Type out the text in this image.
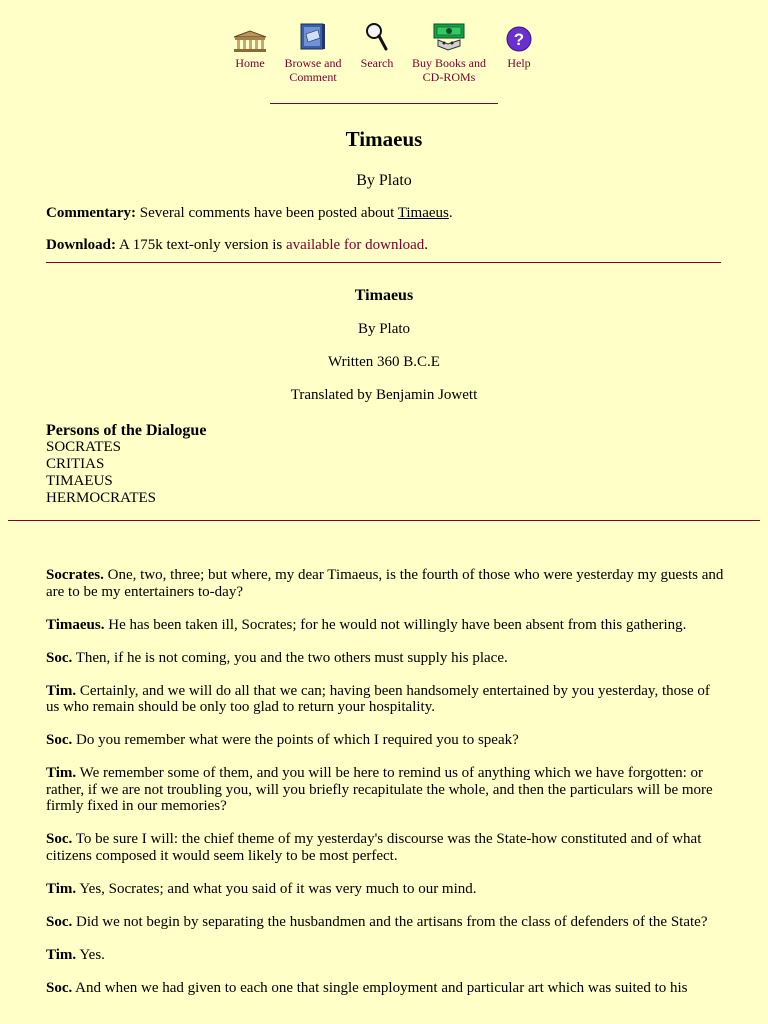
Home Browse and
Comment
Search Buy Books and
CD-ROMs
?
Help
Timaeus
By Plato
Commentary: Several comments have been posted about Timaeus.
Download: A 175k text-only version is available for download.
Timaeus
By Plato
Written 360 B.C.E
Translated by Benjamin Jowett
Persons of the Dialogue
SOCRATES
CRITIAS
TIMAEUS
HERMOCRATES

Socrates. One, two, three; but where, my dear Timaeus, is the fourth of those who were yesterday my guests and are to be my entertainers to-day?

Timaeus. He has been taken ill, Socrates; for he would not willingly have been absent from this gathering.

Soc. Then, if he is not coming, you and the two others must supply his place.

Tim. Certainly, and we will do all that we can; having been handsomely entertained by you yesterday, those of us who remain should be only too glad to return your hospitality.

Soc. Do you remember what were the points of which I required you to speak?

Tim. We remember some of them, and you will be here to remind us of anything which we have forgotten: or rather, if we are not troubling you, will you briefly recapitulate the whole, and then the particulars will be more firmly fixed in our memories?

Soc. To be sure I will: the chief theme of my yesterday's discourse was the State-how constituted and of what citizens composed it would seem likely to be most perfect.

Tim. Yes, Socrates; and what you said of it was very much to our mind.

Soc. Did we not begin by separating the husbandmen and the artisans from the class of defenders of the State?

Tim. Yes.

Soc. And when we had given to each one that single employment and particular art which was suited to his
